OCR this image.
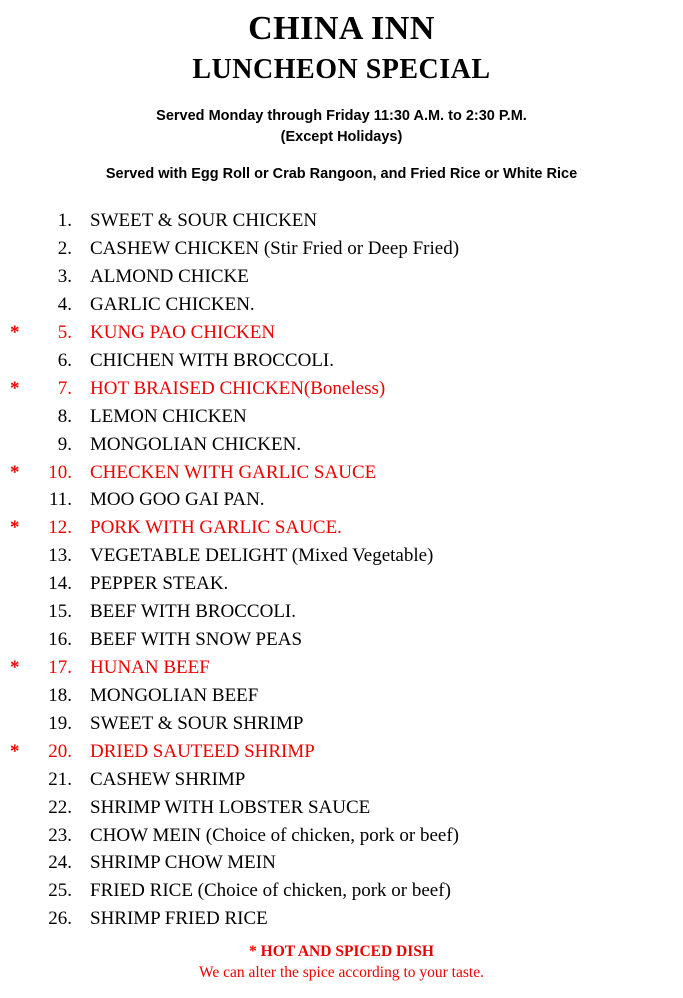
CHINA INN
LUNCHEON SPECIAL
Served Monday through Friday 11:30 A.M. to 2:30 P.M.
(Except Holidays)
Served with Egg Roll or Crab Rangoon, and Fried Rice or White Rice
1. SWEET & SOUR CHICKEN
2. CASHEW CHICKEN (Stir Fried or Deep Fried)
3. ALMOND CHICKE
4. GARLIC CHICKEN.
*	5. KUNG PAO CHICKEN
6. CHICHEN WITH BROCCOLI.
*	7. HOT BRAISED CHICKEN(Boneless)
8. LEMON CHICKEN
9. MONGOLIAN CHICKEN.
*	10. CHECKEN WITH GARLIC SAUCE
11. MOO GOO GAI PAN.
*	12. PORK WITH GARLIC SAUCE.
13. VEGETABLE DELIGHT (Mixed Vegetable)
14. PEPPER STEAK.
15. BEEF WITH BROCCOLI.
16. BEEF WITH SNOW PEAS
*	17. HUNAN BEEF
18. MONGOLIAN BEEF
19. SWEET & SOUR SHRIMP
*	20. DRIED SAUTEED SHRIMP
21. CASHEW SHRIMP
22. SHRIMP WITH LOBSTER SAUCE
23. CHOW MEIN (Choice of chicken, pork or beef)
24. SHRIMP CHOW MEIN
25. FRIED RICE (Choice of chicken, pork or beef)
26. SHRIMP FRIED RICE
* HOT AND SPICED DISH
We can alter the spice according to your taste.
